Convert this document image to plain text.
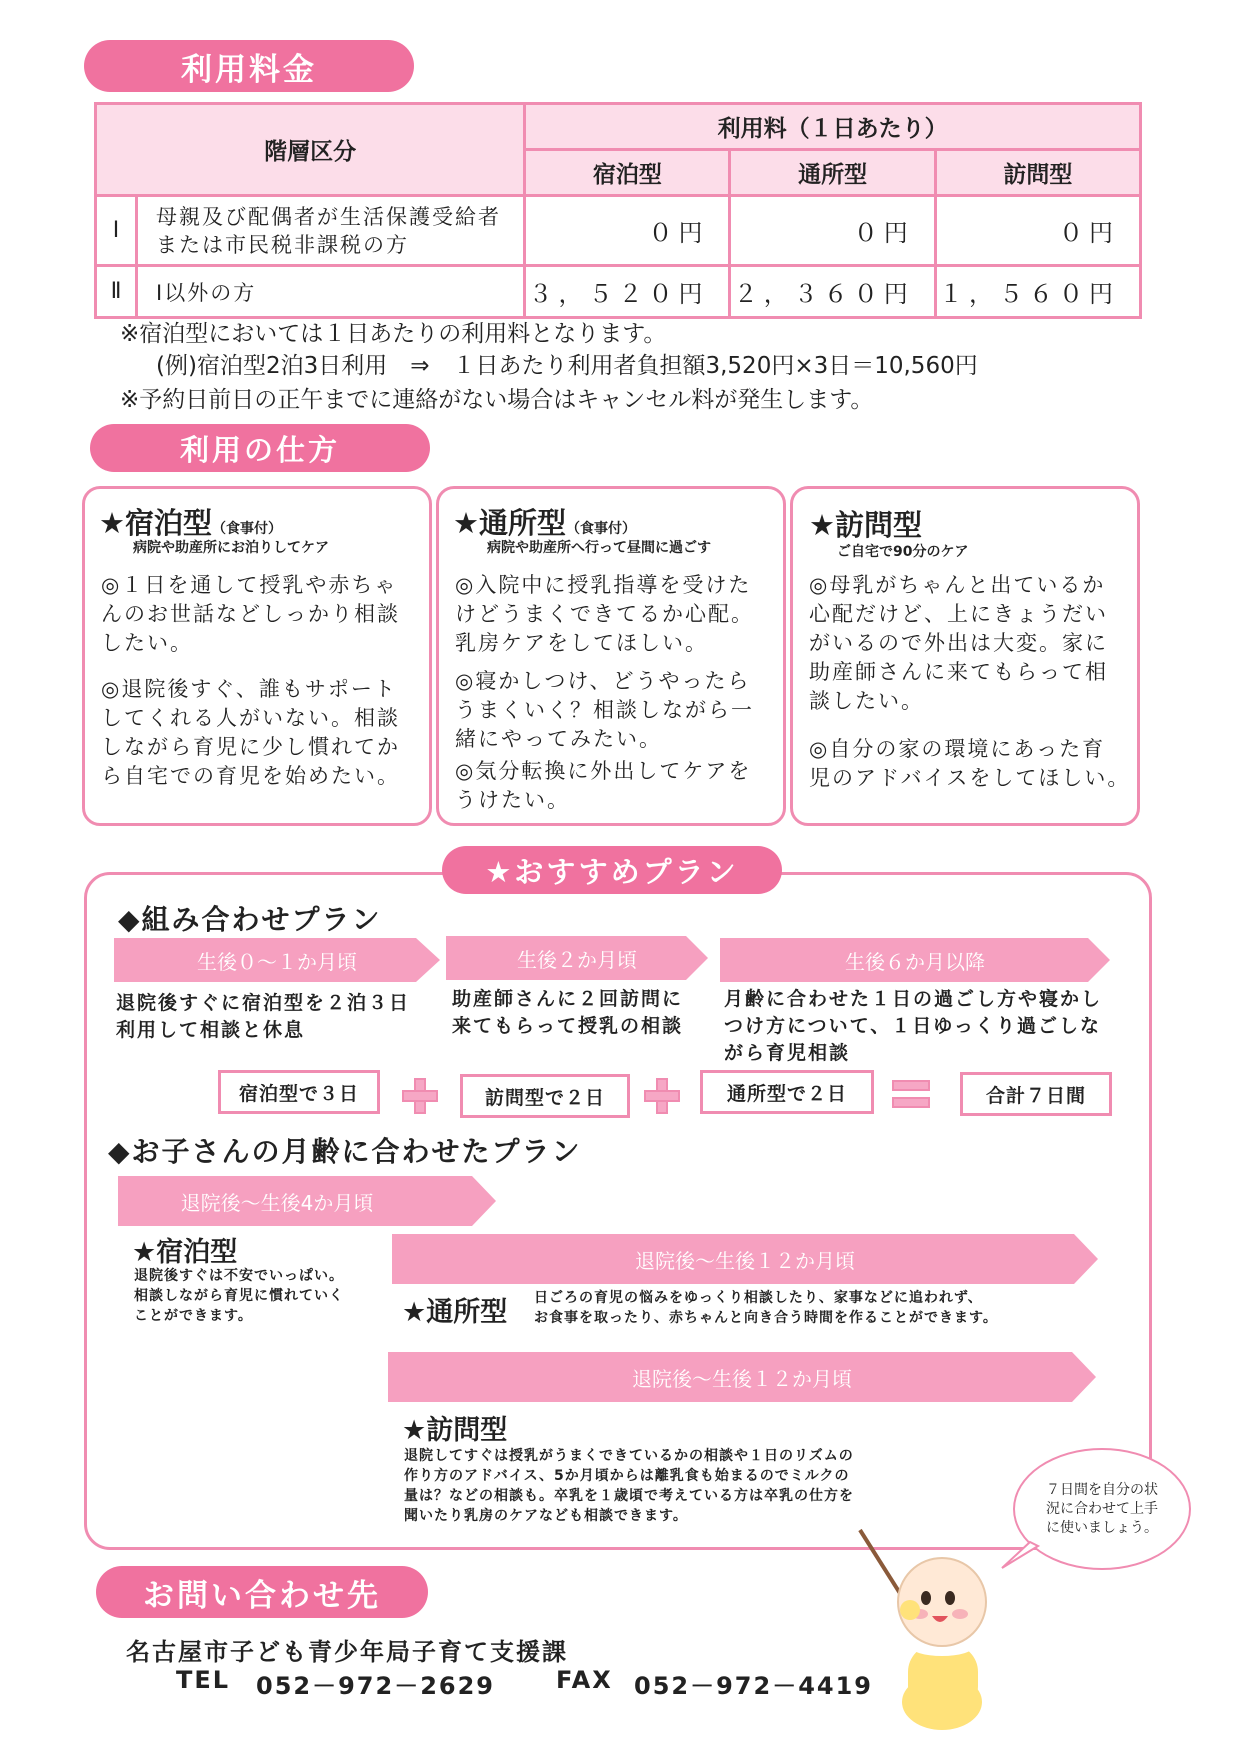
利用料金
階層区分		利用料（１日あたり）		
		宿泊型	通所型	訪問型
Ⅰ	母親及び配偶者が生活保護受給者
または市民税非課税の方	０円	０円	０円
Ⅱ	Ⅰ以外の方	３，５２０円	２，３６０円	１，５６０円
※宿泊型においては１日あたりの利用料となります。
(例)宿泊型2泊3日利用　⇒　１日あたり利用者負担額3,520円×3日＝10,560円
※予約日前日の正午までに連絡がない場合はキャンセル料が発生します。
利用の仕方
★宿泊型（食事付）
病院や助産所にお泊りしてケア

◎１日を通して授乳や赤ちゃ
んのお世話などしっかり相談
したい。

◎退院後すぐ、誰もサポート
してくれる人がいない。相談
しながら育児に少し慣れてか
ら自宅での育児を始めたい。

★通所型（食事付）
病院や助産所へ行って昼間に過ごす

◎入院中に授乳指導を受けた
けどうまくできてるか心配。
乳房ケアをしてほしい。

◎寝かしつけ、どうやったら
うまくいく？相談しながら一
緒にやってみたい。

◎気分転換に外出してケアを
うけたい。

★訪問型
ご自宅で90分のケア

◎母乳がちゃんと出ているか
心配だけど、上にきょうだい
がいるので外出は大変。家に
助産師さんに来てもらって相
談したい。

◎自分の家の環境にあった育
児のアドバイスをしてほしい。

★おすすめプラン
◆組み合わせプラン
生後０～１か月頃	生後２か月頃	生後６か月以降
退院後すぐに宿泊型を２泊３日
利用して相談と休息
助産師さんに２回訪問に
来てもらって授乳の相談
月齢に合わせた１日の過ごし方や寝かし
つけ方について、１日ゆっくり過ごしな
がら育児相談
宿泊型で３日	訪問型で２日	通所型で２日	合計７日間
◆お子さんの月齢に合わせたプラン
退院後～生後4か月頃
★宿泊型
退院後すぐは不安でいっぱい。
相談しながら育児に慣れていく
ことができます。
退院後～生後１２か月頃
★通所型 日ごろの育児の悩みをゆっくり相談したり、家事などに追われず、
お食事を取ったり、赤ちゃんと向き合う時間を作ることができます。
退院後～生後１２か月頃
★訪問型
退院してすぐは授乳がうまくできているかの相談や１日のリズムの
作り方のアドバイス、5か月頃からは離乳食も始まるのでミルクの
量は？などの相談も。卒乳を１歳頃で考えている方は卒乳の仕方を
聞いたり乳房のケアなども相談できます。
７日間を自分の状
況に合わせて上手
に使いましょう。
お問い合わせ先
名古屋市子ども青少年局子育て支援課
TEL 052－972－2629	FAX 052－972－4419
